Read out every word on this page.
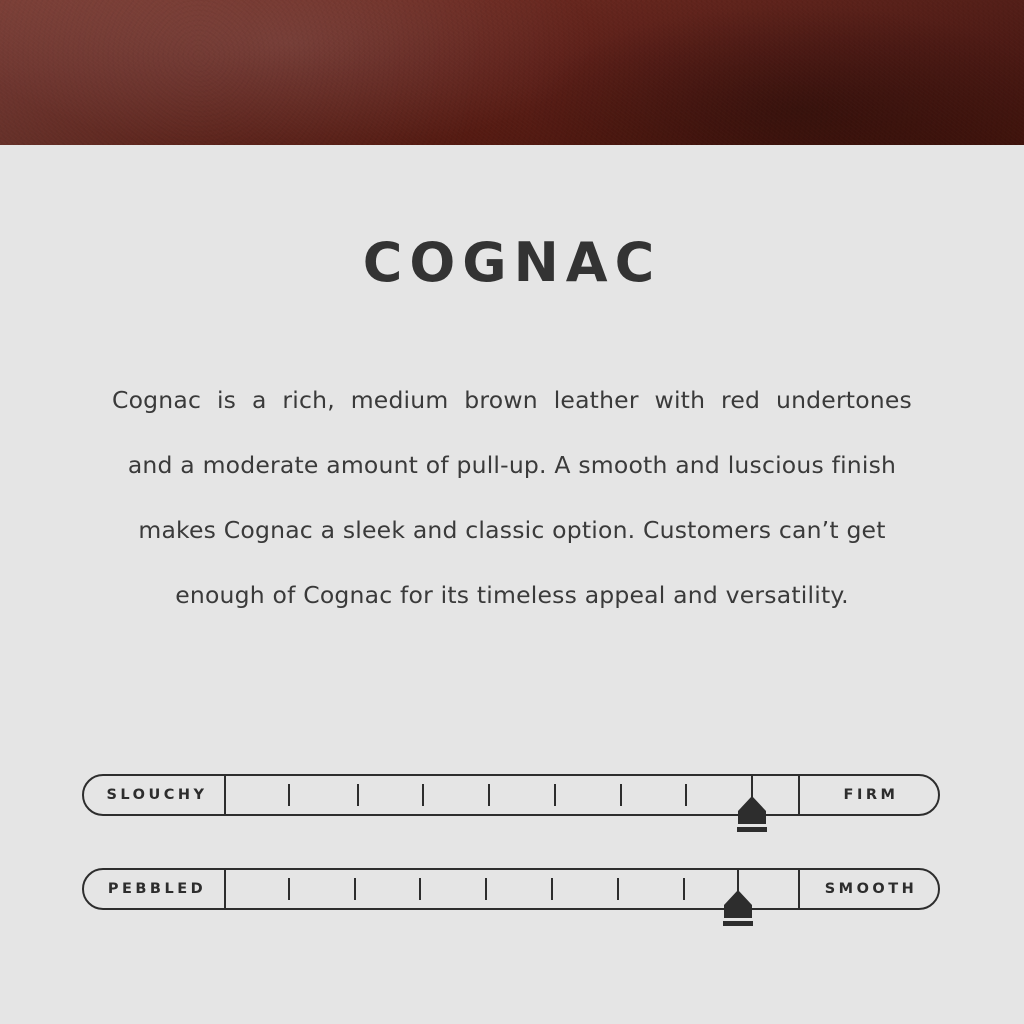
COGNAC
Cognac is a rich, medium brown leather with red undertones
and a moderate amount of pull-up. A smooth and luscious finish
makes Cognac a sleek and classic option. Customers can’t get
enough of Cognac for its timeless appeal and versatility.
SLOUCHY	FIRM
PEBBLED	SMOOTH
